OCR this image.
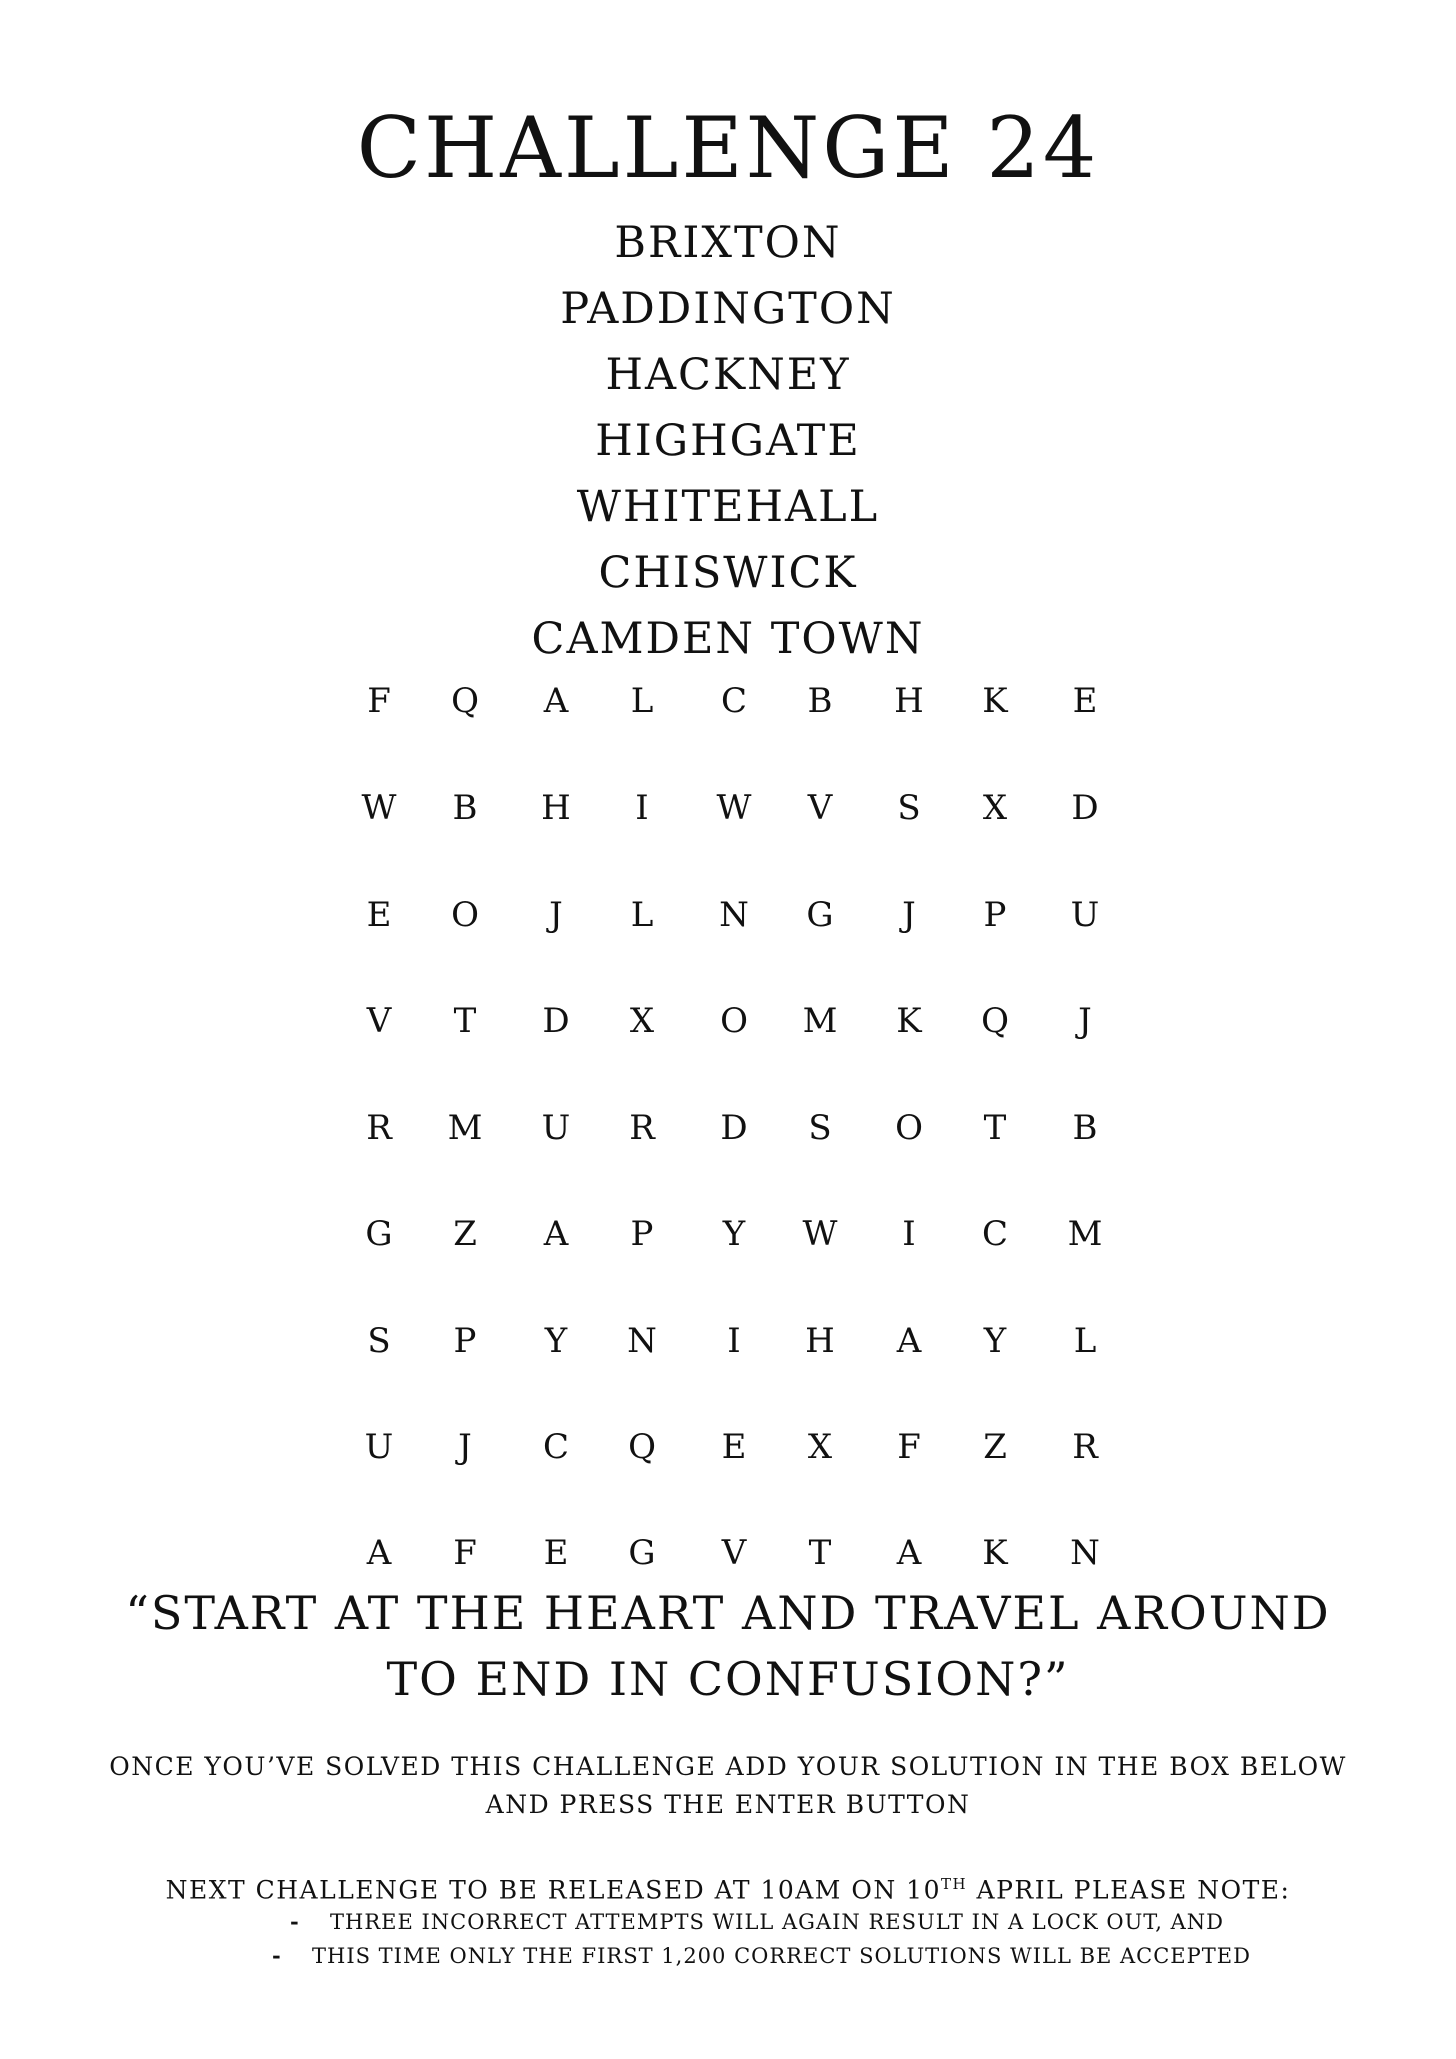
CHALLENGE 24
BRIXTON
PADDINGTON
HACKNEY
HIGHGATE
WHITEHALL
CHISWICK
CAMDEN TOWN
F	Q	A	L	C	B	H	K	E
W	B	H	I	W	V	S	X	D
E	O	J	L	N	G	J	P	U
V	T	D	X	O	M	K	Q	J
R	M	U	R	D	S	O	T	B
G	Z	A	P	Y	W	I	C	M
S	P	Y	N	I	H	A	Y	L
U	J	C	Q	E	X	F	Z	R
A	F	E	G	V	T	A	K	N

“START AT THE HEART AND TRAVEL AROUND
TO END IN CONFUSION?”

ONCE YOU’VE SOLVED THIS CHALLENGE ADD YOUR SOLUTION IN THE BOX BELOW
AND PRESS THE ENTER BUTTON

NEXT CHALLENGE TO BE RELEASED AT 10AM ON 10TH APRIL PLEASE NOTE:
- THREE INCORRECT ATTEMPTS WILL AGAIN RESULT IN A LOCK OUT, AND
- THIS TIME ONLY THE FIRST 1,200 CORRECT SOLUTIONS WILL BE ACCEPTED
